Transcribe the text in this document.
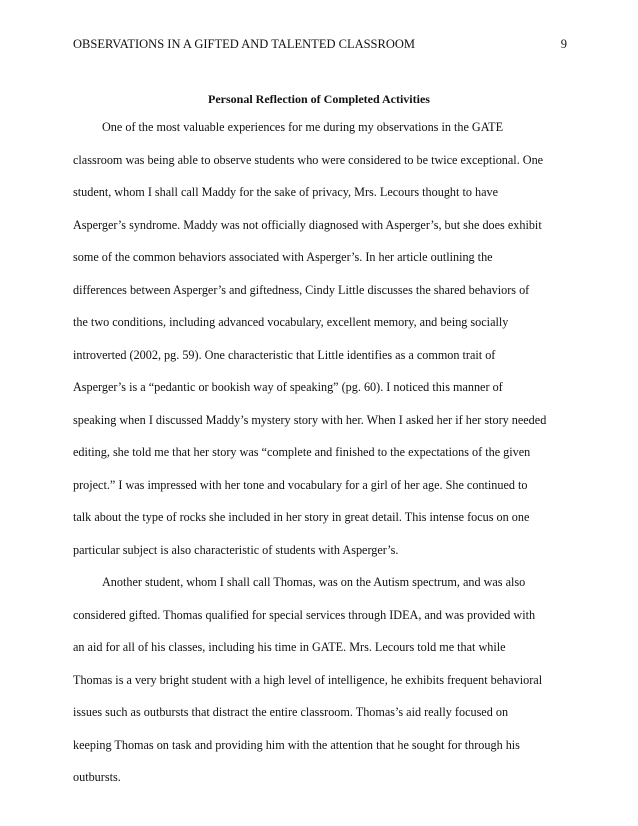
OBSERVATIONS IN A GIFTED AND TALENTED CLASSROOM	9
Personal Reflection of Completed Activities
One of the most valuable experiences for me during my observations in the GATE
classroom was being able to observe students who were considered to be twice exceptional. One
student, whom I shall call Maddy for the sake of privacy, Mrs. Lecours thought to have
Asperger’s syndrome. Maddy was not officially diagnosed with Asperger’s, but she does exhibit
some of the common behaviors associated with Asperger’s. In her article outlining the
differences between Asperger’s and giftedness, Cindy Little discusses the shared behaviors of
the two conditions, including advanced vocabulary, excellent memory, and being socially
introverted (2002, pg. 59). One characteristic that Little identifies as a common trait of
Asperger’s is a “pedantic or bookish way of speaking” (pg. 60). I noticed this manner of
speaking when I discussed Maddy’s mystery story with her. When I asked her if her story needed
editing, she told me that her story was “complete and finished to the expectations of the given
project.” I was impressed with her tone and vocabulary for a girl of her age. She continued to
talk about the type of rocks she included in her story in great detail. This intense focus on one
particular subject is also characteristic of students with Asperger’s.
Another student, whom I shall call Thomas, was on the Autism spectrum, and was also
considered gifted. Thomas qualified for special services through IDEA, and was provided with
an aid for all of his classes, including his time in GATE. Mrs. Lecours told me that while
Thomas is a very bright student with a high level of intelligence, he exhibits frequent behavioral
issues such as outbursts that distract the entire classroom. Thomas’s aid really focused on
keeping Thomas on task and providing him with the attention that he sought for through his
outbursts.
